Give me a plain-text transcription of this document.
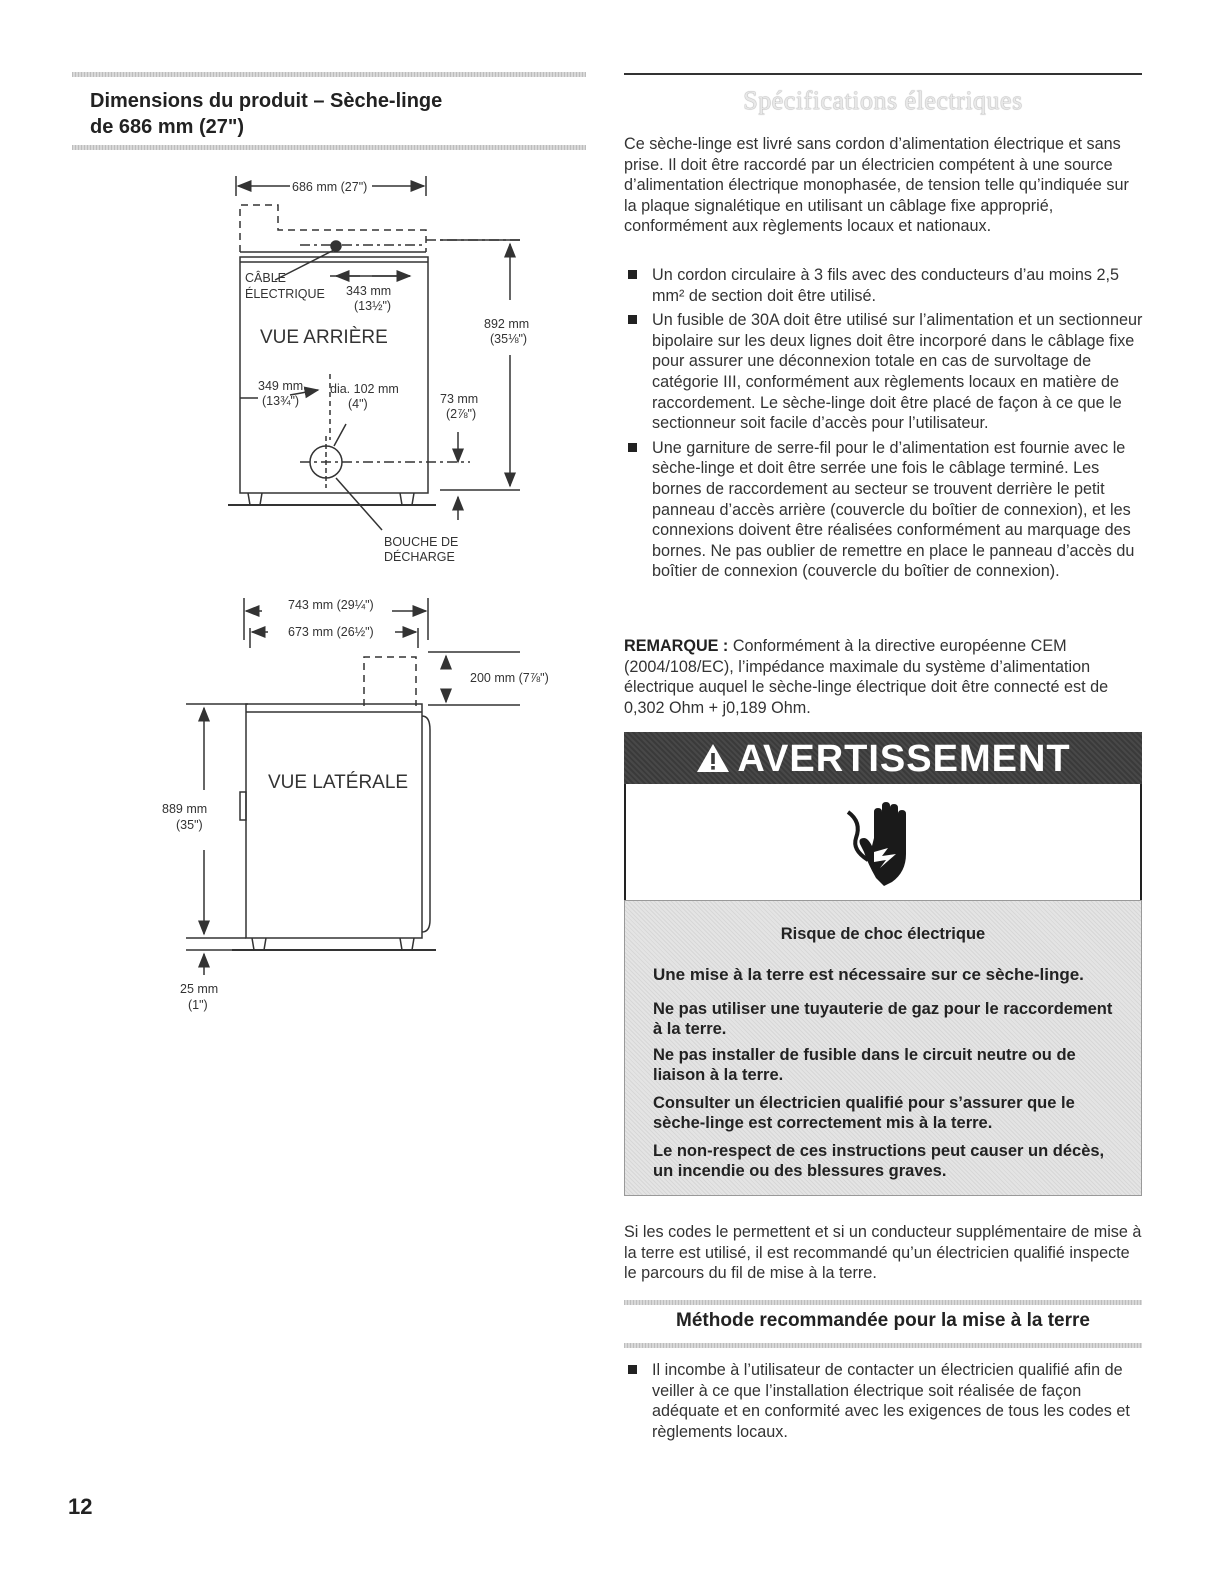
Dimensions du produit – Sèche-linge
de 686 mm (27")
686 mm (27")
CÂBLE
ÉLECTRIQUE 343 mm
(13½")
VUE ARRIÈRE
892 mm
(35⅛")
349 mm
(13¾")
dia. 102 mm
(4")	73 mm
(2⅞")
BOUCHE DE
DÉCHARGE
743 mm (29¼")
673 mm (26½")
200 mm (7⅞")
VUE LATÉRALE
889 mm
(35")
25 mm
(1")
12
Spécifications électriques
Ce sèche-linge est livré sans cordon d’alimentation électrique et sans prise. Il doit être raccordé par un électricien compétent à une source d’alimentation électrique monophasée, de tension telle qu’indiquée sur la plaque signalétique en utilisant un câblage fixe approprié, conformément aux règlements locaux et nationaux.
Un cordon circulaire à 3 fils avec des conducteurs d’au moins 2,5 mm² de section doit être utilisé.
Un fusible de 30A doit être utilisé sur l’alimentation et un sectionneur bipolaire sur les deux lignes doit être incorporé dans le câblage fixe pour assurer une déconnexion totale en cas de survoltage de catégorie III, conformément aux règlements locaux en matière de raccordement. Le sèche-linge doit être placé de façon à ce que le sectionneur soit facile d’accès pour l’utilisateur.
Une garniture de serre-fil pour le d’alimentation est fournie avec le sèche-linge et doit être serrée une fois le câblage terminé. Les bornes de raccordement au secteur se trouvent derrière le petit panneau d’accès arrière (couvercle du boîtier de connexion), et les connexions doivent être réalisées conformément au marquage des bornes. Ne pas oublier de remettre en place le panneau d’accès du boîtier de connexion (couvercle du boîtier de connexion).
REMARQUE : Conformément à la directive européenne CEM (2004/108/EC), l’impédance maximale du système d’alimentation électrique auquel le sèche-linge électrique doit être connecté est de 0,302 Ohm + j0,189 Ohm.
AVERTISSEMENT
Risque de choc électrique
Une mise à la terre est nécessaire sur ce sèche-linge.
Ne pas utiliser une tuyauterie de gaz pour le raccordement à la terre.
Ne pas installer de fusible dans le circuit neutre ou de liaison à la terre.
Consulter un électricien qualifié pour s’assurer que le sèche-linge est correctement mis à la terre.
Le non-respect de ces instructions peut causer un décès, un incendie ou des blessures graves.
Si les codes le permettent et si un conducteur supplémentaire de mise à la terre est utilisé, il est recommandé qu’un électricien qualifié inspecte le parcours du fil de mise à la terre.
Méthode recommandée pour la mise à la terre
Il incombe à l’utilisateur de contacter un électricien qualifié afin de veiller à ce que l’installation électrique soit réalisée de façon adéquate et en conformité avec les exigences de tous les codes et règlements locaux.
